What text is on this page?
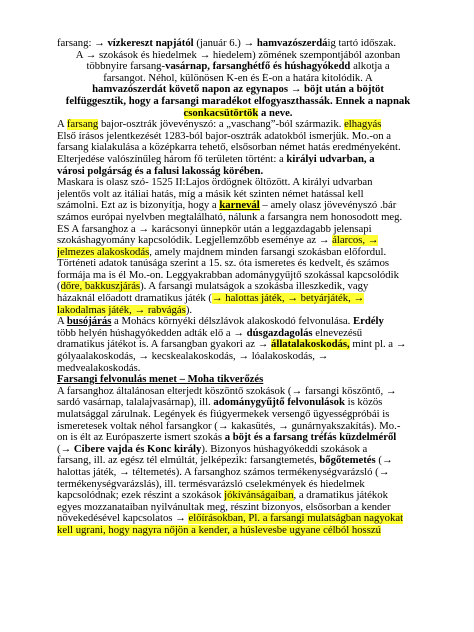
farsang: → vízkereszt napjától (január 6.) → hamvazószerdáig tartó időszak.
A → szokások és hiedelmek → hiedelem) zömének szempontjából azonban
többnyire farsang-vasárnap, farsanghétfő és húshagyókedd alkotja a
farsangot. Néhol, különösen K-en és É-on a határa kitolódik. A
hamvazószerdát követő napon az egynapos → böjt után a böjtöt
felfüggesztik, hogy a farsangi maradékot elfogyaszthassák. Ennek a napnak
csonkacsütörtök a neve.
A farsang bajor-osztrák jövevényszó: a „vaschang”-ból származik. elhagyás
Első írásos jelentkezését 1283-ból bajor-osztrák adatokból ismerjük. Mo.-on a
farsang kialakulása a középkarra tehető, elsősorban német hatás eredményeként.
Elterjedése valószínűleg három fő területen történt: a királyi udvarban, a
városi polgárság és a falusi lakosság körében.
Maskara is olasz szó- 1525 II:Lajos ördögnek öltözött. A királyi udvarban
jelentős volt az itáliai hatás, míg a másik két szinten német hatással kell
számolni. Ezt az is bizonyítja, hogy a karnevál – amely olasz jövevényszó .bár
számos európai nyelvben megtalálható, nálunk a farsangra nem honosodott meg.
ÉS A farsanghoz a → karácsonyi ünnepkör után a leggazdagabb jelensapi
szokáshagyomány kapcsolódik. Legjellemzőbb eseménye az → álarcos, →
jelmezes alakoskodás, amely majdnem minden farsangi szokásban előfordul.
Történeti adatok tanúsága szerint a 15. sz. óta ismeretes és kedvelt, és számos
formája ma is él Mo.-on. Leggyakrabban adománygyűjtő szokással kapcsolódik
(dőre, bakkuszjárás). A farsangi mulatságok a szokásba illeszkedik, vagy
házaknál előadott dramatikus játék (→ halottas játék, → betyárjáték, →
lakodalmas játék, → rabvágás).
A busójárás a Mohács környéki délszlávok alakoskodó felvonulása. Erdély
több helyén húshagyókedden adták elő a → dúsgazdagolás elnevezésű
dramatikus játékot is. A farsangban gyakori az → állatalakoskodás, mint pl. a →
gólyaalakoskodás, → kecskealakoskodás, → lóalakoskodás, →
medvealakoskodás.
Farsangi felvonulás menet – Moha tikverőzés
A farsanghoz általánosan elterjedt köszöntő szokások (→ farsangi köszöntő, →
sardó vasárnap, talalajvasárnap), ill. adománygyűjtő felvonulások is közös
mulatsággal zárulnak. Legények és fiúgyermekek versengő ügyességpróbái is
ismeretesek voltak néhol farsangkor (→ kakasütés, → gunárnyakszakítás). Mo.-
on is élt az Európaszerte ismert szokás a böjt és a farsang tréfás küzdelméről
(→ Cibere vajda és Konc király). Bizonyos húshagyókeddi szokások a
farsang, ill. az egész tél elmúltát, jelképezik: farsangtemetés, bőgőtemetés (→
halottas játék, → téltemetés). A farsanghoz számos termékenységvarázsló (→
termékenységvarázslás), ill. termésvarázsló cselekmények és hiedelmek
kapcsolódnak; ezek részint a szokások jókívánságaiban, a dramatikus játékok
egyes mozzanataiban nyilvánultak meg, részint bizonyos, elsősorban a kender
növekedésével kapcsolatos → előírásokban, Pl. a farsangi mulatságban nagyokat
kell ugrani, hogy nagyra nőjön a kender, a húslevesbe ugyane célból hosszú
